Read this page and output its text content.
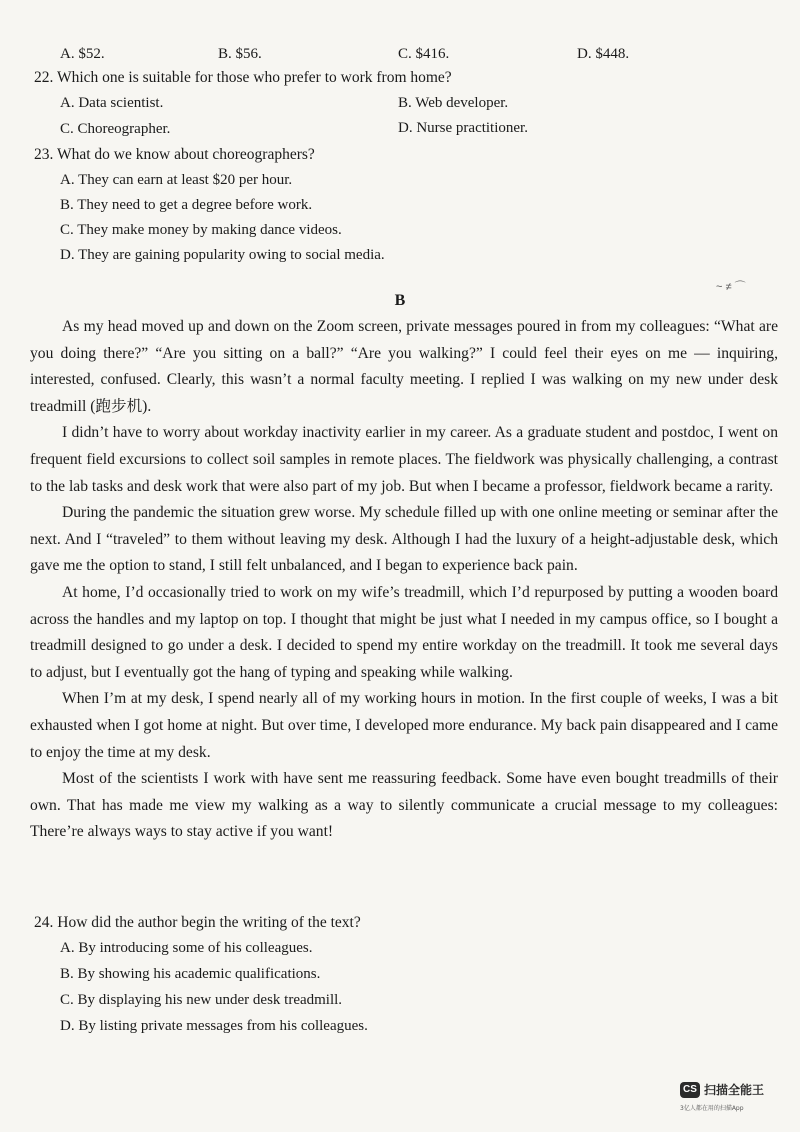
A. $52.	B. $56.	C. $416.	D. $448.
22. Which one is suitable for those who prefer to work from home?
A. Data scientist.	B. Web developer.
C. Choreographer.	D. Nurse practitioner.
23. What do we know about choreographers?
A. They can earn at least $20 per hour.
B. They need to get a degree before work.
C. They make money by making dance videos.
D. They are gaining popularity owing to social media.
~ ≠ ⌒
B

As my head moved up and down on the Zoom screen, private messages poured in from my colleagues: “What are you doing there?” “Are you sitting on a ball?” “Are you walking?” I could feel their eyes on me — inquiring, interested, confused. Clearly, this wasn’t a normal faculty meeting. I replied I was walking on my new under desk treadmill (跑步机).

I didn’t have to worry about workday inactivity earlier in my career. As a graduate student and postdoc, I went on frequent field excursions to collect soil samples in remote places. The fieldwork was physically challenging, a contrast to the lab tasks and desk work that were also part of my job. But when I became a professor, fieldwork became a rarity.

During the pandemic the situation grew worse. My schedule filled up with one online meeting or seminar after the next. And I “traveled” to them without leaving my desk. Although I had the luxury of a height-adjustable desk, which gave me the option to stand, I still felt unbalanced, and I began to experience back pain.

At home, I’d occasionally tried to work on my wife’s treadmill, which I’d repurposed by putting a wooden board across the handles and my laptop on top. I thought that might be just what I needed in my campus office, so I bought a treadmill designed to go under a desk. I decided to spend my entire workday on the treadmill. It took me several days to adjust, but I eventually got the hang of typing and speaking while walking.

When I’m at my desk, I spend nearly all of my working hours in motion. In the first couple of weeks, I was a bit exhausted when I got home at night. But over time, I developed more endurance. My back pain disappeared and I came to enjoy the time at my desk.

Most of the scientists I work with have sent me reassuring feedback. Some have even bought treadmills of their own. That has made me view my walking as a way to silently communicate a crucial message to my colleagues: There’re always ways to stay active if you want!

24. How did the author begin the writing of the text?
A. By introducing some of his colleagues.
B. By showing his academic qualifications.
C. By displaying his new under desk treadmill.
D. By listing private messages from his colleagues.
CS 扫描全能王
3亿人都在用的扫描App
